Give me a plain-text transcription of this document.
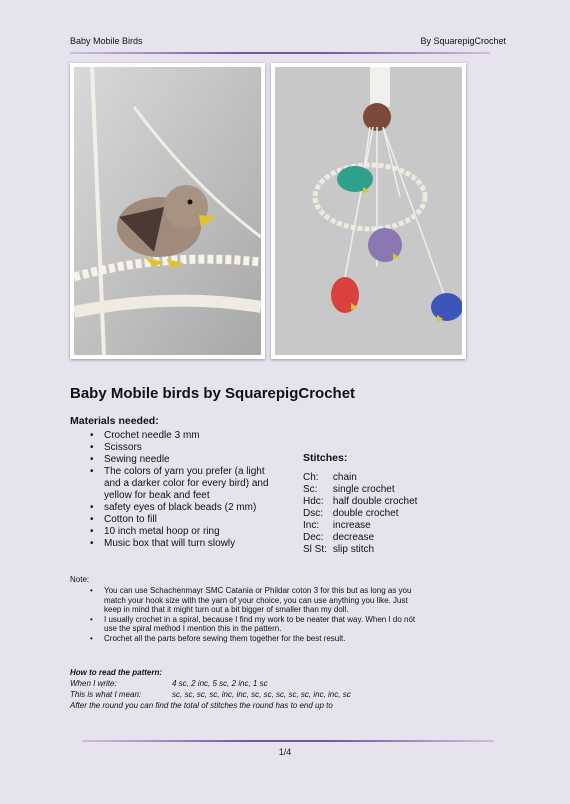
Baby Mobile Birds	By SquarepigCrochet
Baby Mobile birds by SquarepigCrochet
Materials needed:
• Crochet needle 3 mm
• Scissors
• Sewing needle
• The colors of yarn you prefer (a light and a darker color for every bird) and yellow for beak and feet
• safety eyes of black beads (2 mm)
• Cotton to fill
• 10 inch metal hoop or ring
• Music box that will turn slowly
Stitches:
Ch:	chain
Sc:	single crochet
Hdc:	half double crochet
Dsc:	double crochet
Inc:	increase
Dec:	decrease
Sl St:	slip stitch
Note:
• You can use Schachenmayr SMC Catania or Phildar coton 3 for this but as long as you match your hook size with the yarn of your choice, you can use anything you like. Just keep in mind that it might turn out a bit bigger of smaller than my doll.
• I usually crochet in a spiral, because I find my work to be neater that way. When I do nót use the spiral method I mention this in the pattern.
• Crochet all the parts before sewing them together for the best result.
How to read the pattern:
When I write:	4 sc, 2 inc, 5 sc, 2 inc, 1 sc
This is what I mean:	sc, sc, sc, sc, inc, inc, sc, sc, sc, sc, sc, inc, inc, sc
After the round you can find the total of stitches the round has to end up to
1/4
